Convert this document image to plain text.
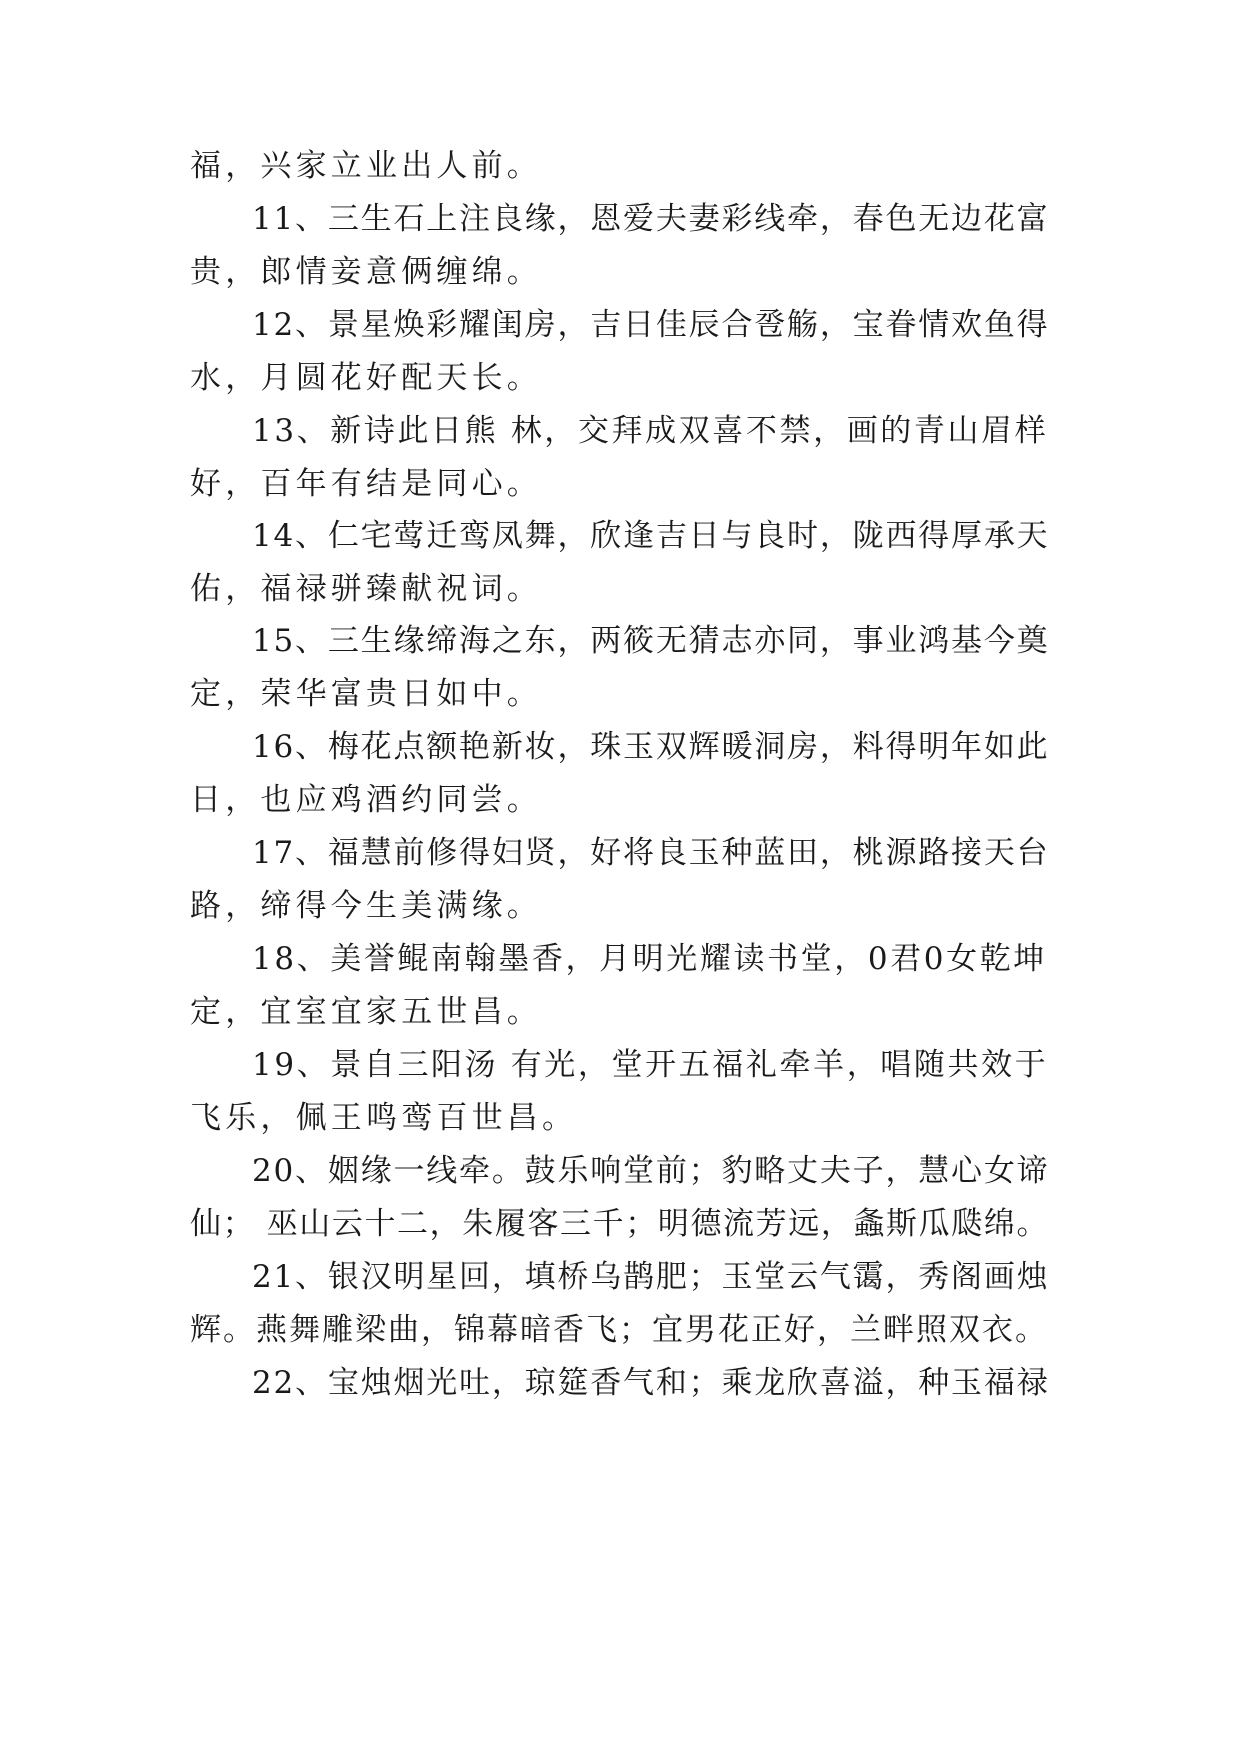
福，兴家立业出人前。
11、三生石上注良缘，恩爱夫妻彩线牵，春色无边花富
贵，郎情妾意俩缠绵。
12、景星焕彩耀闺房，吉日佳辰合卺觞，宝眷情欢鱼得
水，月圆花好配天长。
13、新诗此日熊 林，交拜成双喜不禁，画的青山眉样
好，百年有结是同心。
14、仁宅莺迁鸾凤舞，欣逢吉日与良时，陇西得厚承天
佑，福禄骈臻献祝词。
15、三生缘缔海之东，两筱无猜志亦同，事业鸿基今奠
定，荣华富贵日如中。
16、梅花点额艳新妆，珠玉双辉暖洞房，料得明年如此
日，也应鸡酒约同尝。
17、福慧前修得妇贤，好将良玉种蓝田，桃源路接天台
路，缔得今生美满缘。
18、美誉鲲南翰墨香，月明光耀读书堂，0君0女乾坤
定，宜室宜家五世昌。
19、景自三阳汤 有光，堂开五福礼牵羊，唱随共效于
飞乐，佩王鸣鸾百世昌。
20、姻缘一线牵。鼓乐响堂前；豹略丈夫子，慧心女谛
仙； 巫山云十二，朱履客三千；明德流芳远，螽斯瓜瓞绵。
21、银汉明星回，填桥乌鹊肥；玉堂云气霭，秀阁画烛
辉。燕舞雕梁曲，锦幕暗香飞；宜男花正好，兰畔照双衣。
22、宝烛烟光吐，琼筵香气和；乘龙欣喜溢，种玉福禄
